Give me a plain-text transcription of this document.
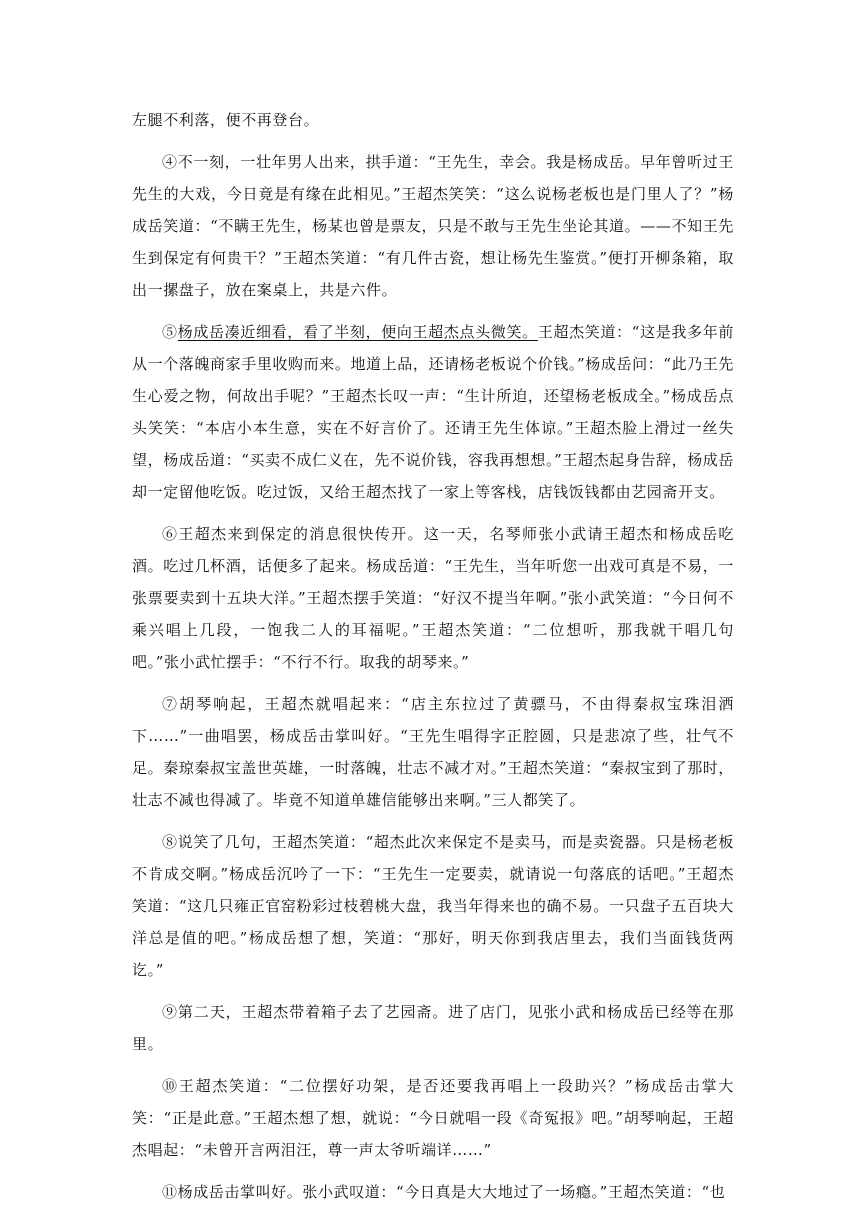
左腿不利落，便不再登台。

④不一刻，一壮年男人出来，拱手道：“王先生，幸会。我是杨成岳。早年曾听过王先生的大戏，今日竟是有缘在此相见。”王超杰笑笑：“这么说杨老板也是门里人了？”杨成岳笑道：“不瞒王先生，杨某也曾是票友，只是不敢与王先生坐论其道。——不知王先生到保定有何贵干？”王超杰笑道：“有几件古瓷，想让杨先生鉴赏。”便打开柳条箱，取出一摞盘子，放在案桌上，共是六件。

⑤杨成岳凑近细看，看了半刻，便向王超杰点头微笑。王超杰笑道：“这是我多年前从一个落魄商家手里收购而来。地道上品，还请杨老板说个价钱。”杨成岳问：“此乃王先生心爱之物，何故出手呢？”王超杰长叹一声：“生计所迫，还望杨老板成全。”杨成岳点头笑笑：“本店小本生意，实在不好言价了。还请王先生体谅。”王超杰脸上滑过一丝失望，杨成岳道：“买卖不成仁义在，先不说价钱，容我再想想。”王超杰起身告辞，杨成岳却一定留他吃饭。吃过饭，又给王超杰找了一家上等客栈，店钱饭钱都由艺园斋开支。

⑥王超杰来到保定的消息很快传开。这一天，名琴师张小武请王超杰和杨成岳吃酒。吃过几杯酒，话便多了起来。杨成岳道：“王先生，当年听您一出戏可真是不易，一张票要卖到十五块大洋。”王超杰摆手笑道：“好汉不提当年啊。”张小武笑道：“今日何不乘兴唱上几段，一饱我二人的耳福呢。”王超杰笑道：“二位想听，那我就干唱几句吧。”张小武忙摆手：“不行不行。取我的胡琴来。”

⑦胡琴响起，王超杰就唱起来：“店主东拉过了黄骠马，不由得秦叔宝珠泪洒下……”一曲唱罢，杨成岳击掌叫好。“王先生唱得字正腔圆，只是悲凉了些，壮气不足。秦琼秦叔宝盖世英雄，一时落魄，壮志不减才对。”王超杰笑道：“秦叔宝到了那时，壮志不减也得减了。毕竟不知道单雄信能够出来啊。”三人都笑了。

⑧说笑了几句，王超杰笑道：“超杰此次来保定不是卖马，而是卖瓷器。只是杨老板不肯成交啊。”杨成岳沉吟了一下：“王先生一定要卖，就请说一句落底的话吧。”王超杰笑道：“这几只雍正官窑粉彩过枝碧桃大盘，我当年得来也的确不易。一只盘子五百块大洋总是值的吧。”杨成岳想了想，笑道：“那好，明天你到我店里去，我们当面钱货两讫。”

⑨第二天，王超杰带着箱子去了艺园斋。进了店门，见张小武和杨成岳已经等在那里。

⑩王超杰笑道：“二位摆好功架，是否还要我再唱上一段助兴？”杨成岳击掌大笑：“正是此意。”王超杰想了想，就说：“今日就唱一段《奇冤报》吧。”胡琴响起，王超杰唱起：“未曾开言两泪汪，尊一声太爷听端详……”

⑪杨成岳击掌叫好。张小武叹道：“今日真是大大地过了一场瘾。”王超杰笑道：“也
